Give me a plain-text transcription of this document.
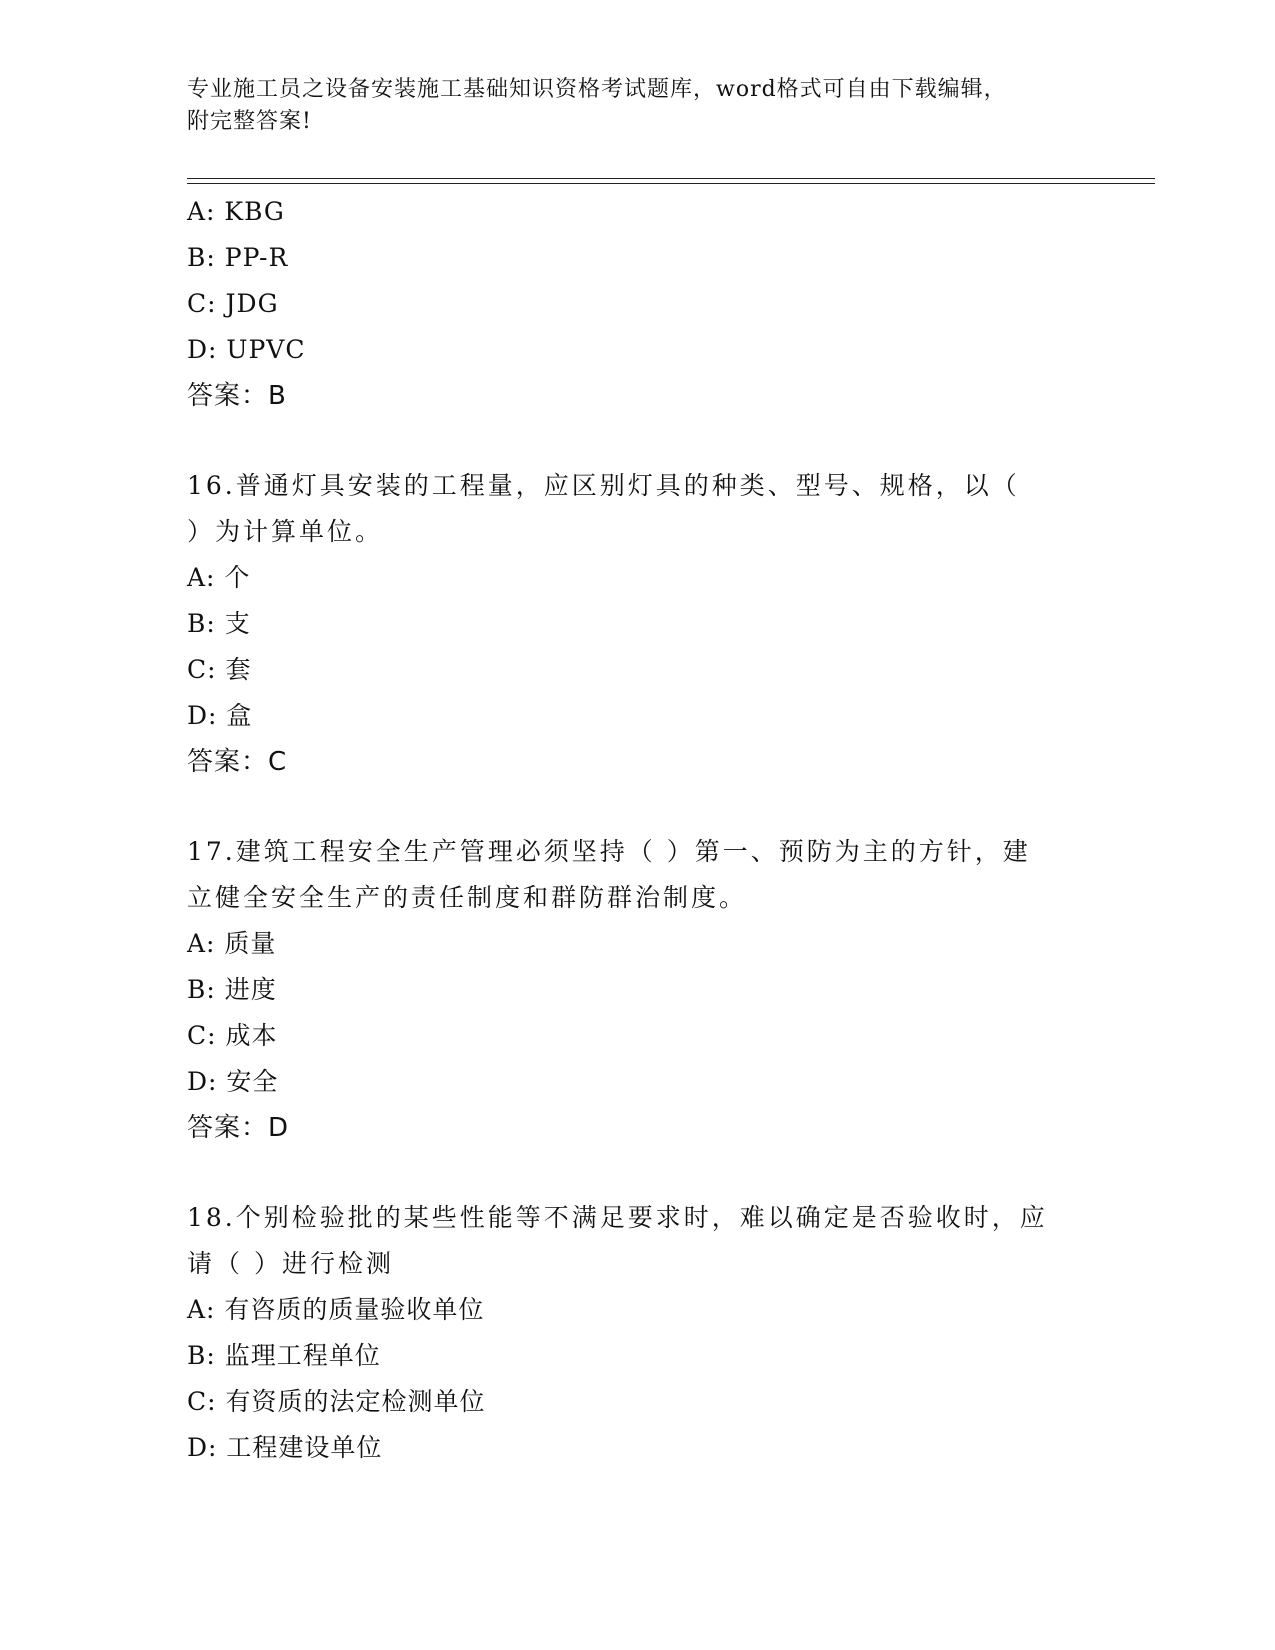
专业施工员之设备安装施工基础知识资格考试题库，word格式可自由下载编辑，
附完整答案!
A: KBG
B: PP-R
C: JDG
D: UPVC
答案：B
16.普通灯具安装的工程量，应区别灯具的种类、型号、规格，以（
）为计算单位。
A: 个
B: 支
C: 套
D: 盒
答案：C
17.建筑工程安全生产管理必须坚持（ ）第一、预防为主的方针，建
立健全安全生产的责任制度和群防群治制度。
A: 质量
B: 进度
C: 成本
D: 安全
答案：D
18.个别检验批的某些性能等不满足要求时，难以确定是否验收时，应
请（ ）进行检测
A: 有咨质的质量验收单位
B: 监理工程单位
C: 有资质的法定检测单位
D: 工程建设单位
